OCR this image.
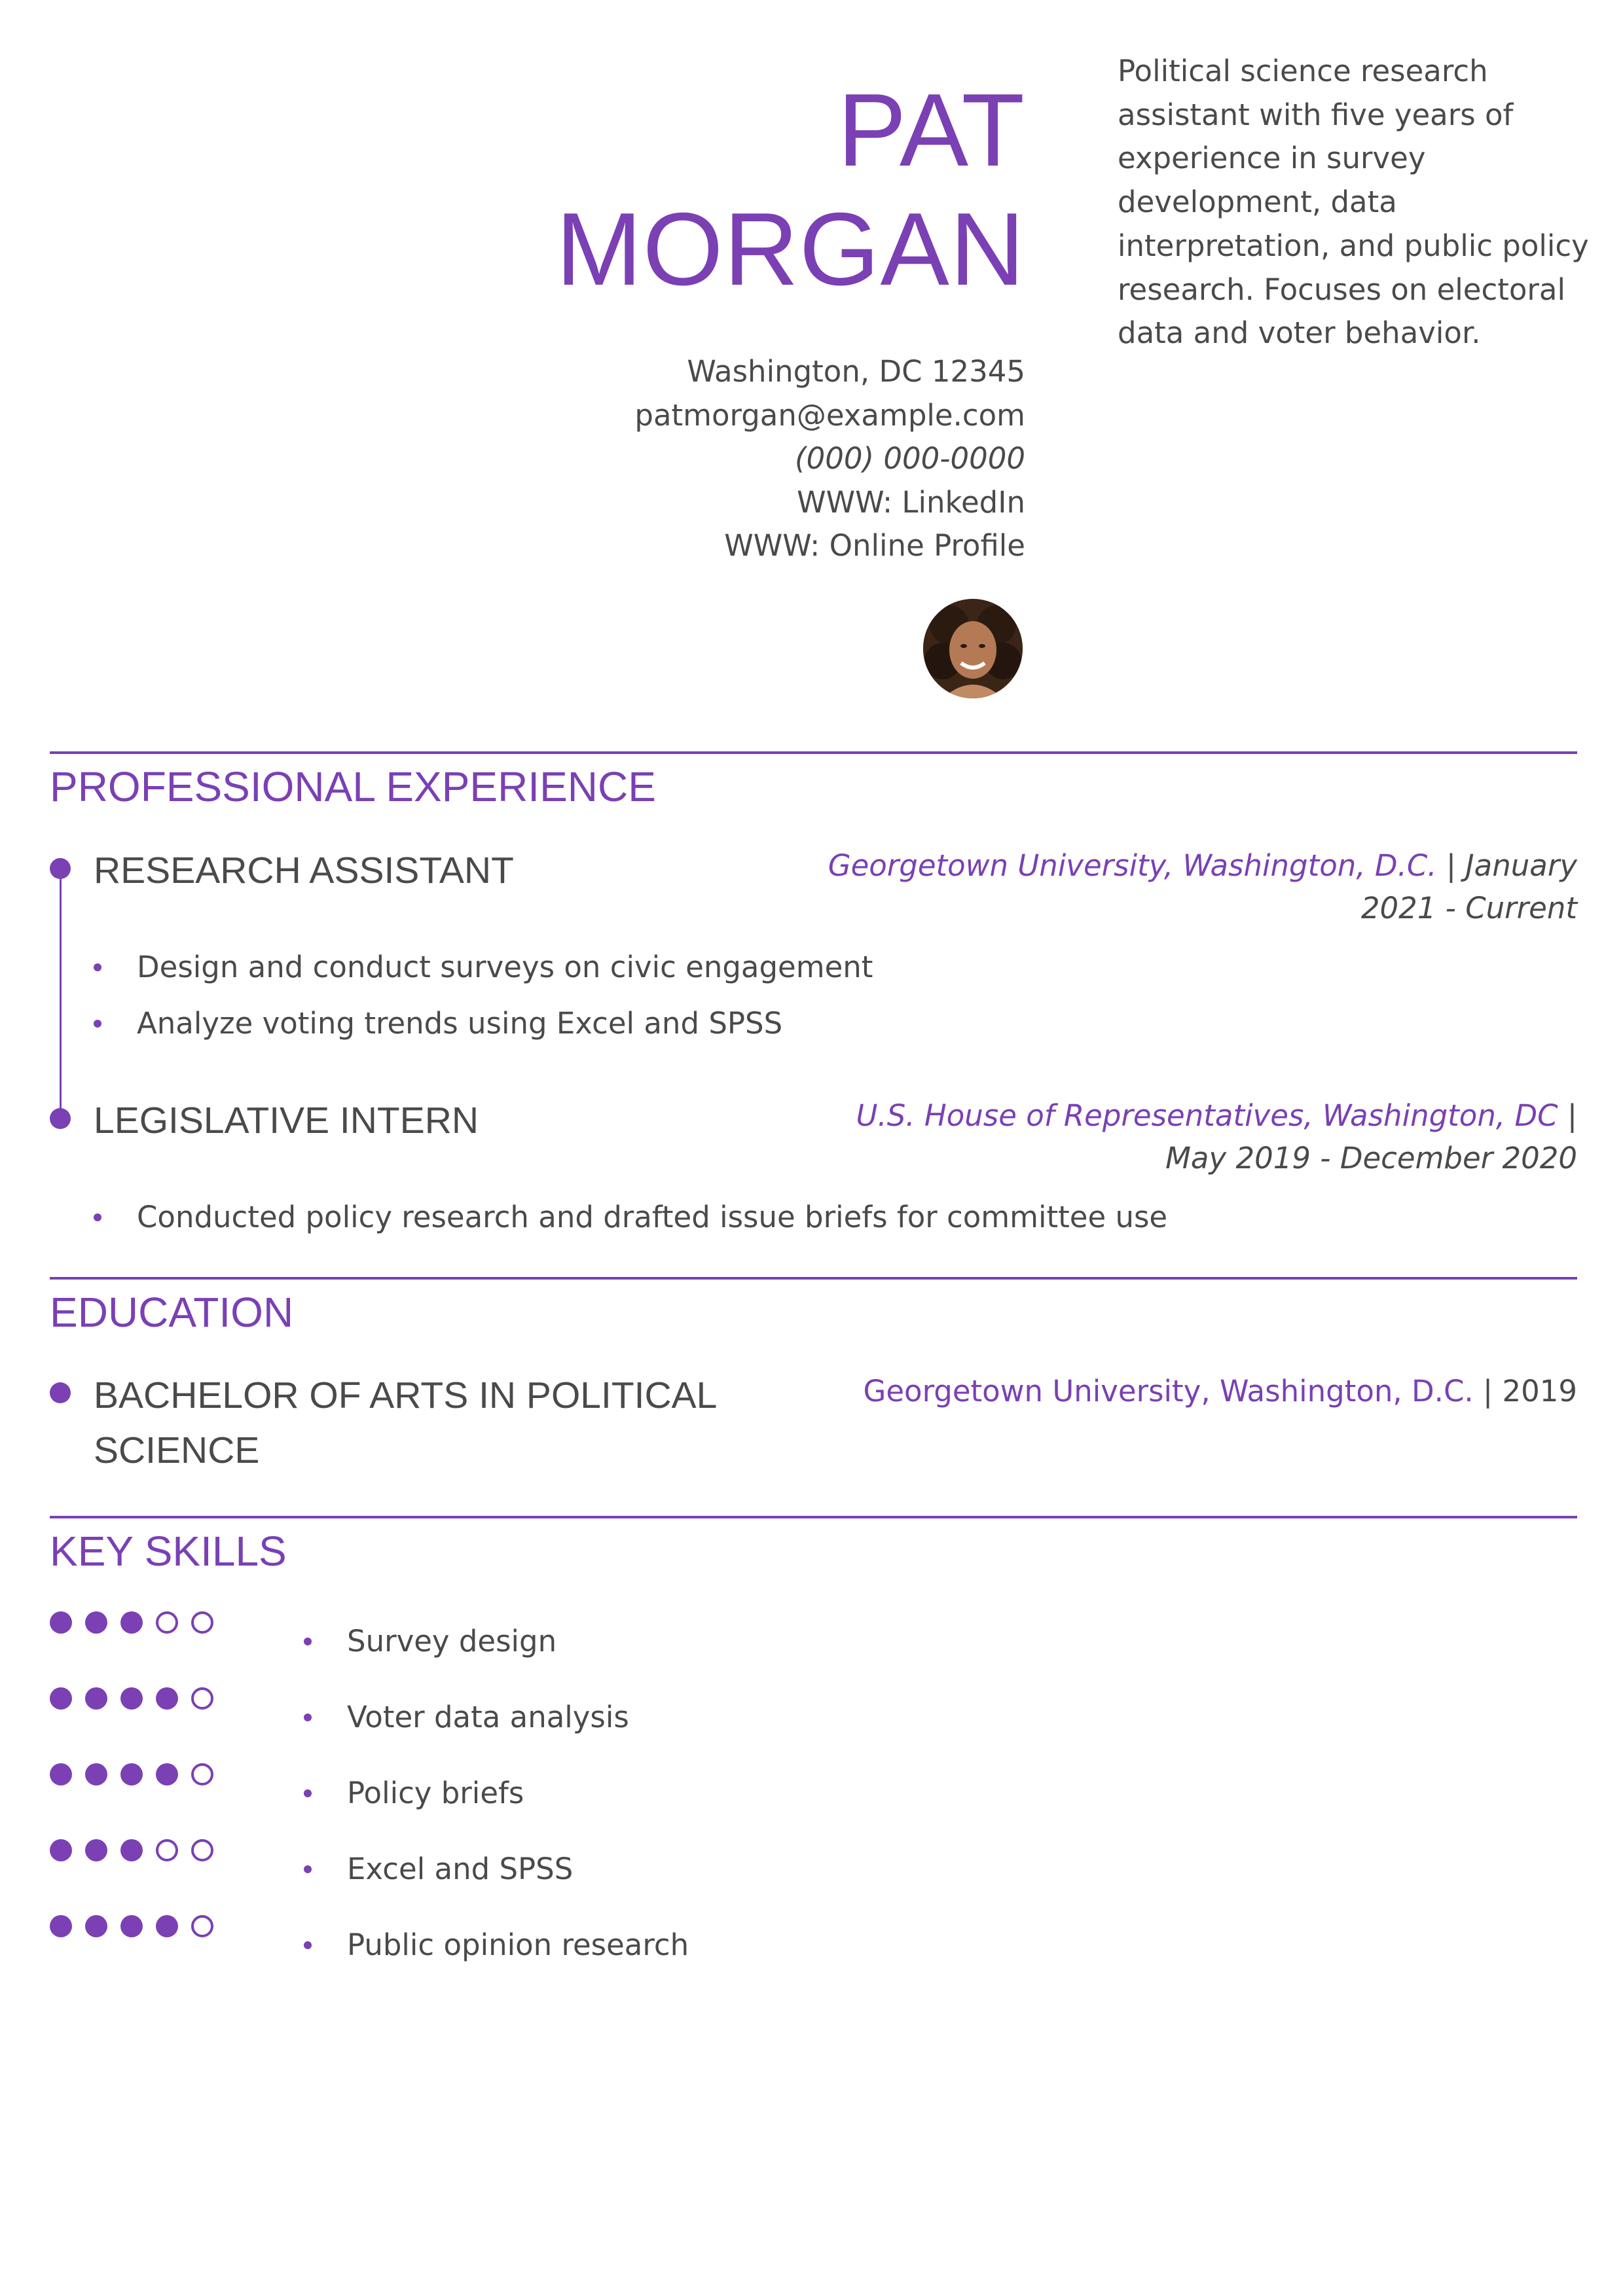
PAT
MORGAN
Washington, DC 12345
patmorgan@example.com
(000) 000-0000
WWW: LinkedIn
WWW: Online Profile
Political science research assistant with five years of experience in survey development, data interpretation, and public policy research. Focuses on electoral data and voter behavior.
PROFESSIONAL EXPERIENCE
RESEARCH ASSISTANT	Georgetown University, Washington, D.C. | January 2021 - Current
Design and conduct surveys on civic engagement
Analyze voting trends using Excel and SPSS
LEGISLATIVE INTERN	U.S. House of Representatives, Washington, DC | May 2019 - December 2020
Conducted policy research and drafted issue briefs for committee use
EDUCATION
BACHELOR OF ARTS IN POLITICAL SCIENCE
Georgetown University, Washington, D.C. | 2019
KEY SKILLS
Survey design
Voter data analysis
Policy briefs
Excel and SPSS
Public opinion research
